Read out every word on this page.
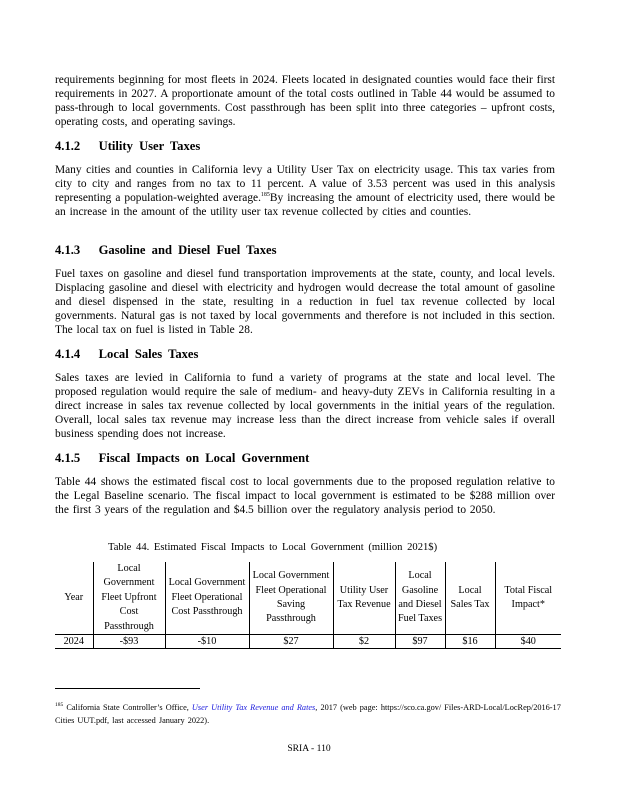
requirements beginning for most fleets in 2024. Fleets located in designated counties would face their first requirements in 2027. A proportionate amount of the total costs outlined in Table 44 would be assumed to pass-through to local governments. Cost passthrough has been split into three categories – upfront costs, operating costs, and operating savings.

4.1.2 Utility User Taxes

Many cities and counties in California levy a Utility User Tax on electricity usage. This tax varies from city to city and ranges from no tax to 11 percent. A value of 3.53 percent was used in this analysis representing a population-weighted average.$^{185}$By increasing the amount of electricity used, there would be an increase in the amount of the utility user tax revenue collected by cities and counties.

4.1.3 Gasoline and Diesel Fuel Taxes

Fuel taxes on gasoline and diesel fund transportation improvements at the state, county, and local levels. Displacing gasoline and diesel with electricity and hydrogen would decrease the total amount of gasoline and diesel dispensed in the state, resulting in a reduction in fuel tax revenue collected by local governments. Natural gas is not taxed by local governments and therefore is not included in this section. The local tax on fuel is listed in Table 28.

4.1.4 Local Sales Taxes

Sales taxes are levied in California to fund a variety of programs at the state and local level. The proposed regulation would require the sale of medium- and heavy-duty ZEVs in California resulting in a direct increase in sales tax revenue collected by local governments in the initial years of the regulation. Overall, local sales tax revenue may increase less than the direct increase from vehicle sales if overall business spending does not increase.

4.1.5 Fiscal Impacts on Local Government

Table 44 shows the estimated fiscal cost to local governments due to the proposed regulation relative to the Legal Baseline scenario. The fiscal impact to local government is estimated to be $288 million over the first 3 years of the regulation and $4.5 billion over the regulatory analysis period to 2050.

Table 44. Estimated Fiscal Impacts to Local Government (million 2021$)
Year	Local Government Fleet Upfront Cost Passthrough	Local Government Fleet Operational Cost Passthrough	Local Government Fleet Operational Saving Passthrough	Utility User Tax Revenue	Local Gasoline and Diesel Fuel Taxes	Local Sales Tax	Total Fiscal Impact*
2024	-$93	-$10	$27	$2	$97	$16	$40
$^{185}$ California State Controller’s Office, User Utility Tax Revenue and Rates, 2017 (web page: https://sco.ca.gov/ Files-ARD-Local/LocRep/2016-17 Cities UUT.pdf, last accessed January 2022).
SRIA - 110
